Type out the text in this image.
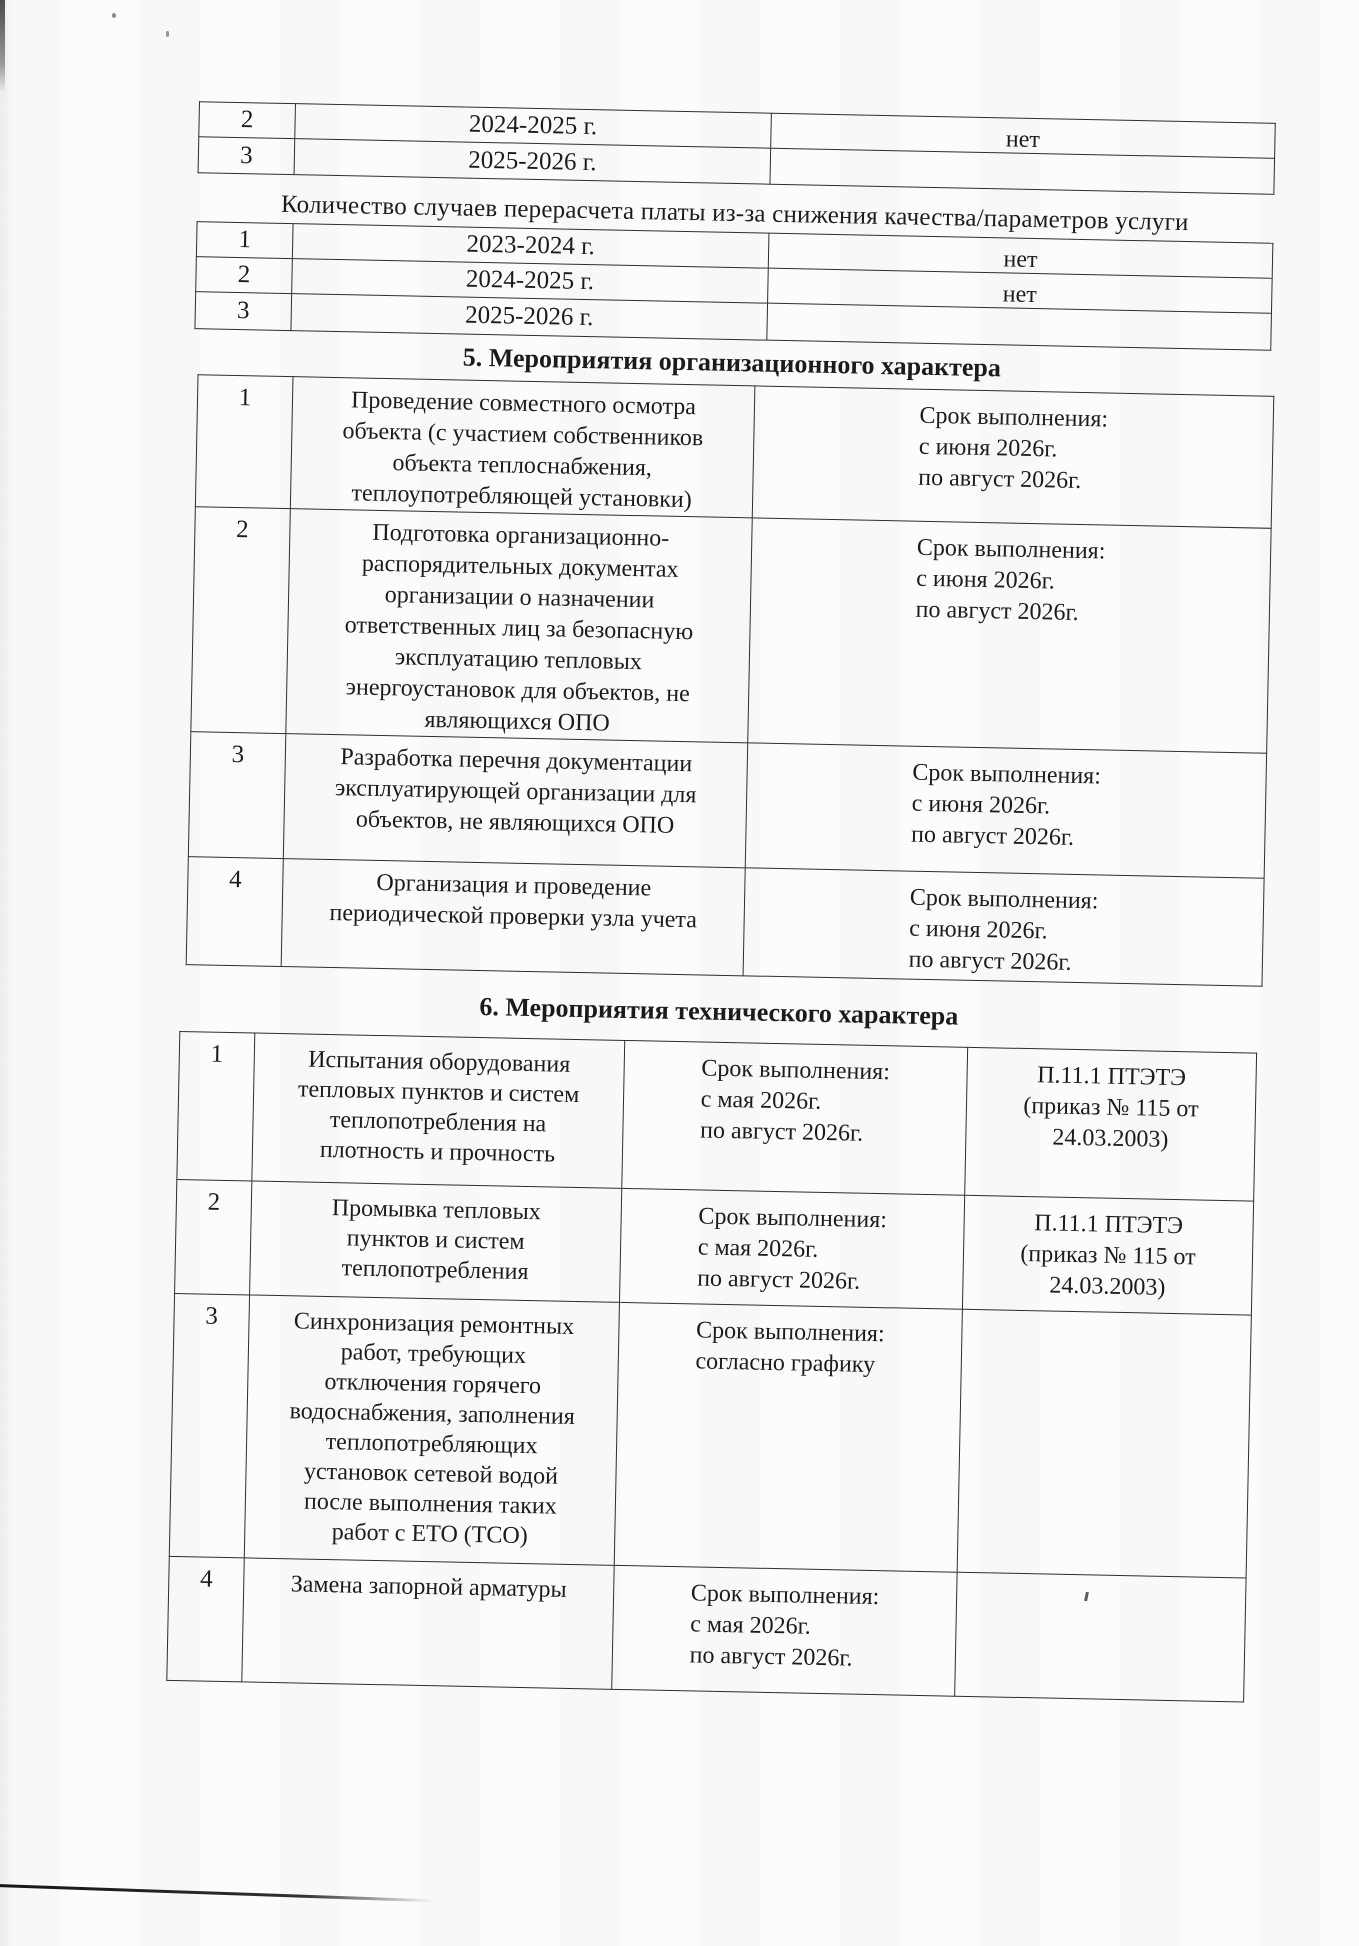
2	2024-2025 г.	нет
3	2025-2026 г.	
Количество случаев перерасчета платы из-за снижения качества/параметров услуги
1	2023-2024 г.	нет
2	2024-2025 г.	нет
3	2025-2026 г.	
5. Мероприятия организационного характера
1	Проведение совместного осмотра
объекта (с участием собственников
объекта теплоснабжения,
теплоупотребляющей установки)	Срок выполнения:
с июня 2026г.
по август 2026г.
2	Подготовка организационно-
распорядительных документах
организации о назначении
ответственных лиц за безопасную
эксплуатацию тепловых
энергоустановок для объектов, не
являющихся ОПО	Срок выполнения:
с июня 2026г.
по август 2026г.
3	Разработка перечня документации
эксплуатирующей организации для
объектов, не являющихся ОПО	Срок выполнения:
с июня 2026г.
по август 2026г.
4	Организация и проведение
периодической проверки узла учета	Срок выполнения:
с июня 2026г.
по август 2026г.
6. Мероприятия технического характера
1	Испытания оборудования
тепловых пунктов и систем
теплопотребления на
плотность и прочность	Срок выполнения:
с мая 2026г.
по август 2026г.	П.11.1 ПТЭТЭ
(приказ № 115 от
24.03.2003)
2	Промывка тепловых
пунктов и систем
теплопотребления	Срок выполнения:
с мая 2026г.
по август 2026г.	П.11.1 ПТЭТЭ
(приказ № 115 от
24.03.2003)
3	Синхронизация ремонтных
работ, требующих
отключения горячего
водоснабжения, заполнения
теплопотребляющих
установок сетевой водой
после выполнения таких
работ с ЕТО (ТСО)	Срок выполнения:
согласно графику	
4	Замена запорной арматуры	Срок выполнения:
с мая 2026г.
по август 2026г.	
